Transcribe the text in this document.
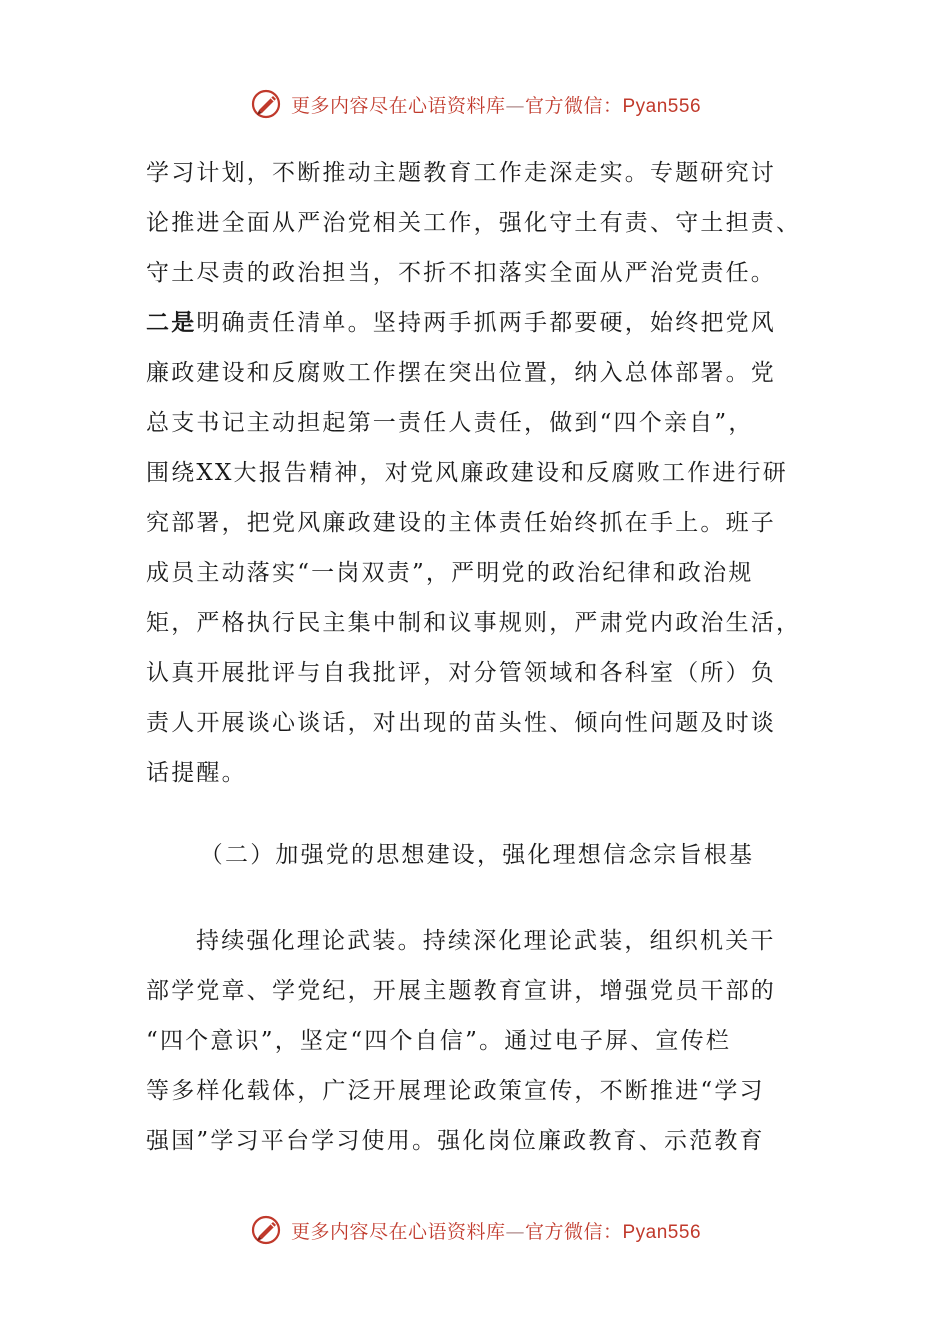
更多内容尽在心语资料库—官方微信：Pyan556
学习计划，不断推动主题教育工作走深走实。专题研究讨
论推进全面从严治党相关工作，强化守土有责、守土担责、
守土尽责的政治担当，不折不扣落实全面从严治党责任。
二是明确责任清单。坚持两手抓两手都要硬，始终把党风
廉政建设和反腐败工作摆在突出位置，纳入总体部署。党
总支书记主动担起第一责任人责任，做到“四个亲自”，
围绕XX大报告精神，对党风廉政建设和反腐败工作进行研
究部署，把党风廉政建设的主体责任始终抓在手上。班子
成员主动落实“一岗双责”，严明党的政治纪律和政治规
矩，严格执行民主集中制和议事规则，严肃党内政治生活，
认真开展批评与自我批评，对分管领域和各科室（所）负
责人开展谈心谈话，对出现的苗头性、倾向性问题及时谈
话提醒。
（二）加强党的思想建设，强化理想信念宗旨根基
持续强化理论武装。持续深化理论武装，组织机关干
部学党章、学党纪，开展主题教育宣讲，增强党员干部的
“四个意识”，坚定“四个自信”。通过电子屏、宣传栏
等多样化载体，广泛开展理论政策宣传，不断推进“学习
强国”学习平台学习使用。强化岗位廉政教育、示范教育
更多内容尽在心语资料库—官方微信：Pyan556
